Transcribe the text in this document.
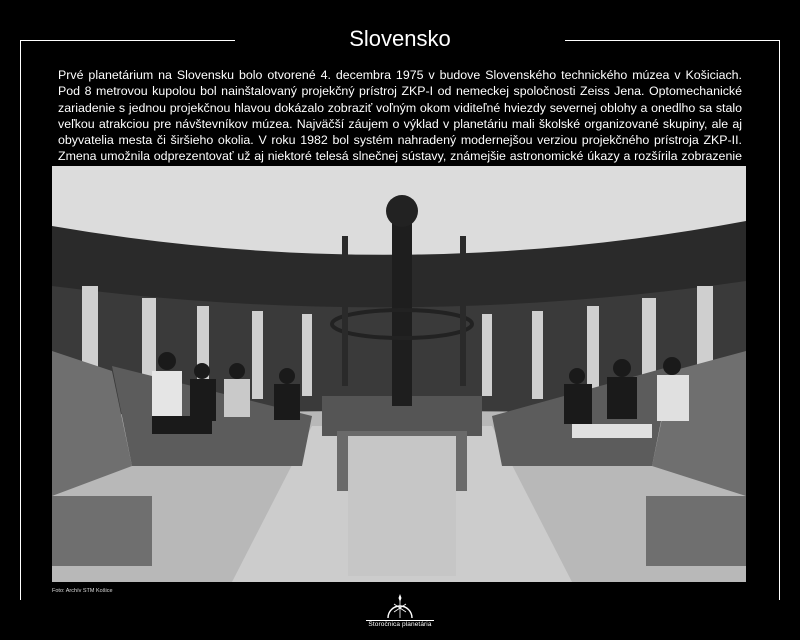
Slovensko

Prvé planetárium na Slovensku bolo otvorené 4. decembra 1975 v budove Slovenského technického múzea v Košiciach. Pod 8 metrovou kupolou bol nainštalovaný projekčný prístroj ZKP-I od nemeckej spoločnosti Zeiss Jena. Optomechanické zariadenie s jednou projekčnou hlavou dokázalo zobraziť voľným okom viditeľné hviezdy severnej oblohy a onedlho sa stalo veľkou atrakciou pre návštevníkov múzea. Najväčší záujem o výklad v planetáriu mali školské organizované skupiny, ale aj obyvatelia mesta či širšieho okolia. V roku 1982 bol systém nahradený modernejšou verziou projekčného prístroja ZKP-II. Zmena umožnila odprezentovať už aj niektoré telesá slnečnej sústavy, známejšie astronomické úkazy a rozšírila zobrazenie

Foto: Archív STM Košice
Storočnica planetária
